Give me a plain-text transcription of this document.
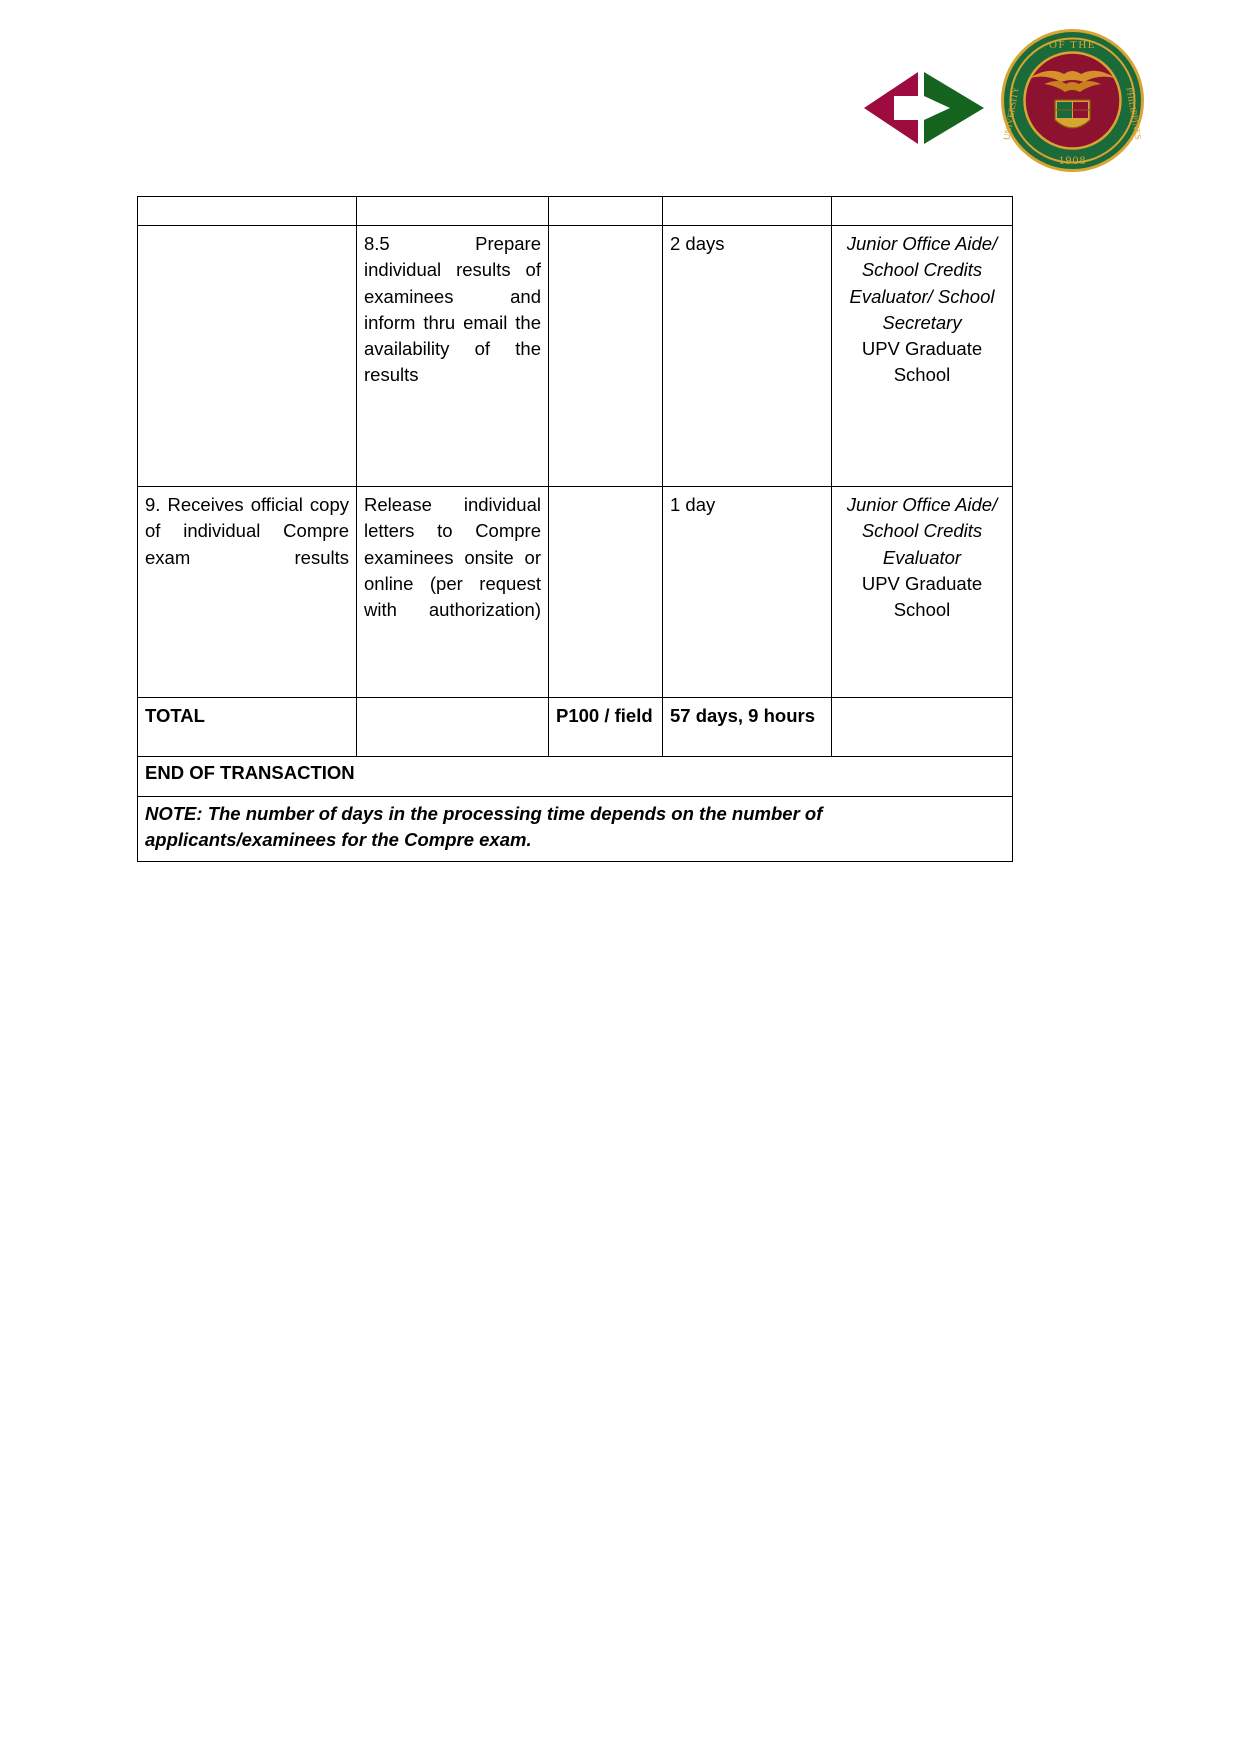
OF THE
1908
UNIVERSITY	PHILIPPINES

	8.5 Prepare individual results of examinees and inform thru email the availability of the results		2 days	Junior Office Aide/ School Credits Evaluator/ School Secretary
UPV Graduate School

9. Receives official copy of individual Compre exam results	Release individual letters to Compre examinees onsite or online (per request with authorization)		1 day	Junior Office Aide/ School Credits Evaluator
UPV Graduate School

TOTAL		P100 / field	57 days, 9 hours	
END OF TRANSACTION				
NOTE: The number of days in the processing time depends on the number of applicants/examinees for the Compre exam.				
